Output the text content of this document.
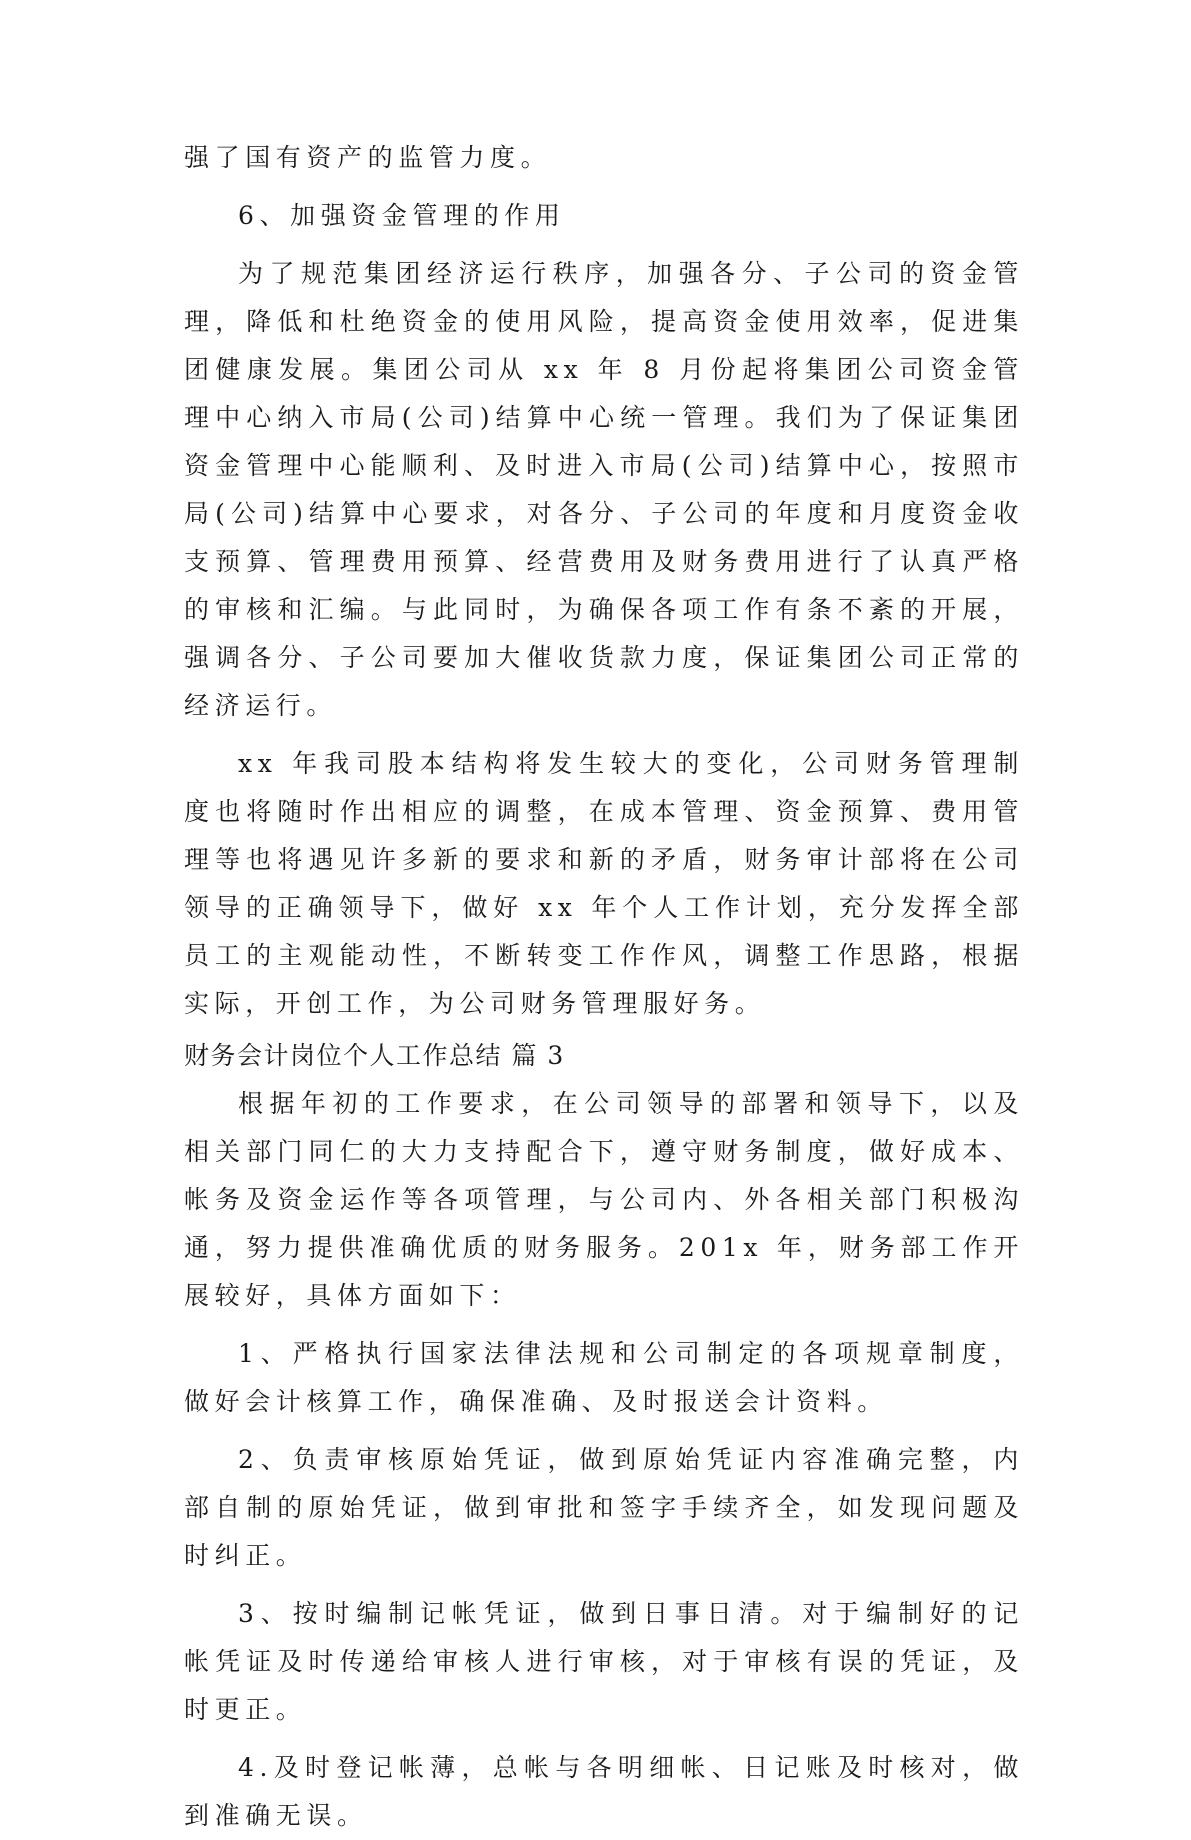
强了国有资产的监管力度。

6、加强资金管理的作用

为了规范集团经济运行秩序，加强各分、子公司的资金管理，降低和杜绝资金的使用风险，提高资金使用效率，促进集团健康发展。集团公司从 xx 年 8 月份起将集团公司资金管理中心纳入市局(公司)结算中心统一管理。我们为了保证集团资金管理中心能顺利、及时进入市局(公司)结算中心，按照市局(公司)结算中心要求，对各分、子公司的年度和月度资金收支预算、管理费用预算、经营费用及财务费用进行了认真严格的审核和汇编。与此同时，为确保各项工作有条不紊的开展，强调各分、子公司要加大催收货款力度，保证集团公司正常的经济运行。

xx 年我司股本结构将发生较大的变化，公司财务管理制度也将随时作出相应的调整，在成本管理、资金预算、费用管理等也将遇见许多新的要求和新的矛盾，财务审计部将在公司领导的正确领导下，做好 xx 年个人工作计划，充分发挥全部员工的主观能动性，不断转变工作作风，调整工作思路，根据实际，开创工作，为公司财务管理服好务。

财务会计岗位个人工作总结 篇 3

根据年初的工作要求，在公司领导的部署和领导下，以及相关部门同仁的大力支持配合下，遵守财务制度，做好成本、帐务及资金运作等各项管理，与公司内、外各相关部门积极沟通，努力提供准确优质的财务服务。201x 年，财务部工作开展较好，具体方面如下：

1、严格执行国家法律法规和公司制定的各项规章制度，做好会计核算工作，确保准确、及时报送会计资料。

2、负责审核原始凭证，做到原始凭证内容准确完整，内部自制的原始凭证，做到审批和签字手续齐全，如发现问题及时纠正。

3、按时编制记帐凭证，做到日事日清。对于编制好的记帐凭证及时传递给审核人进行审核，对于审核有误的凭证，及时更正。

4.及时登记帐薄，总帐与各明细帐、日记账及时核对，做到准确无误。
